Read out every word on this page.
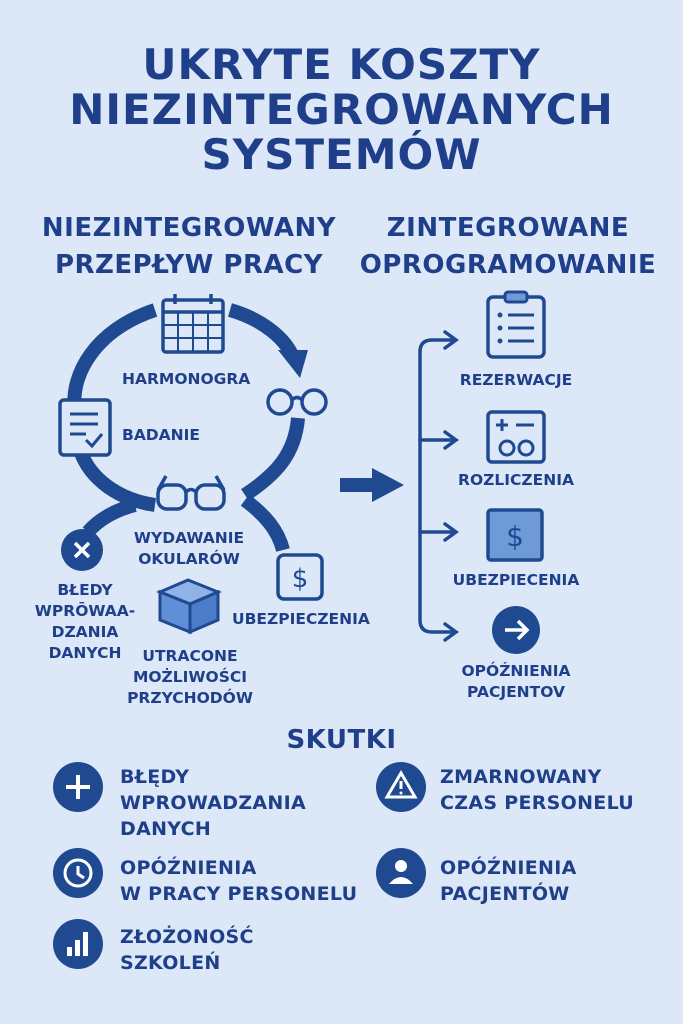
UKRYTE KOSZTY
NIEZINTEGROWANYCH
SYSTEMÓW
NIEZINTEGROWANY
PRZEPŁYW PRACY
ZINTEGROWANE
OPROGRAMOWANIE
$
$
HARMONOGRA
BADANIE
WYDAWANIE
OKULARÓW
BŁEDY
WPRŌWAA-
DZANIA
DANYCH	UTRACONE
MOŻLIWOŚCI
PRZYCHODÓW
UBEZPIECZENIA
REZERWACJE
ROZLICZENIA
UBEZPIECENIA
OPÓŹNIENIA
PACJENTOV
SKUTKI
BŁĘDY
WPROWADZANIA
DANYCH
ZMARNOWANY
CZAS PERSONELU
OPÓŹNIENIA
W PRACY PERSONELU
OPÓŹNIENIA
PACJENTÓW
ZŁOŻONOŚĆ
SZKOLEŃ
